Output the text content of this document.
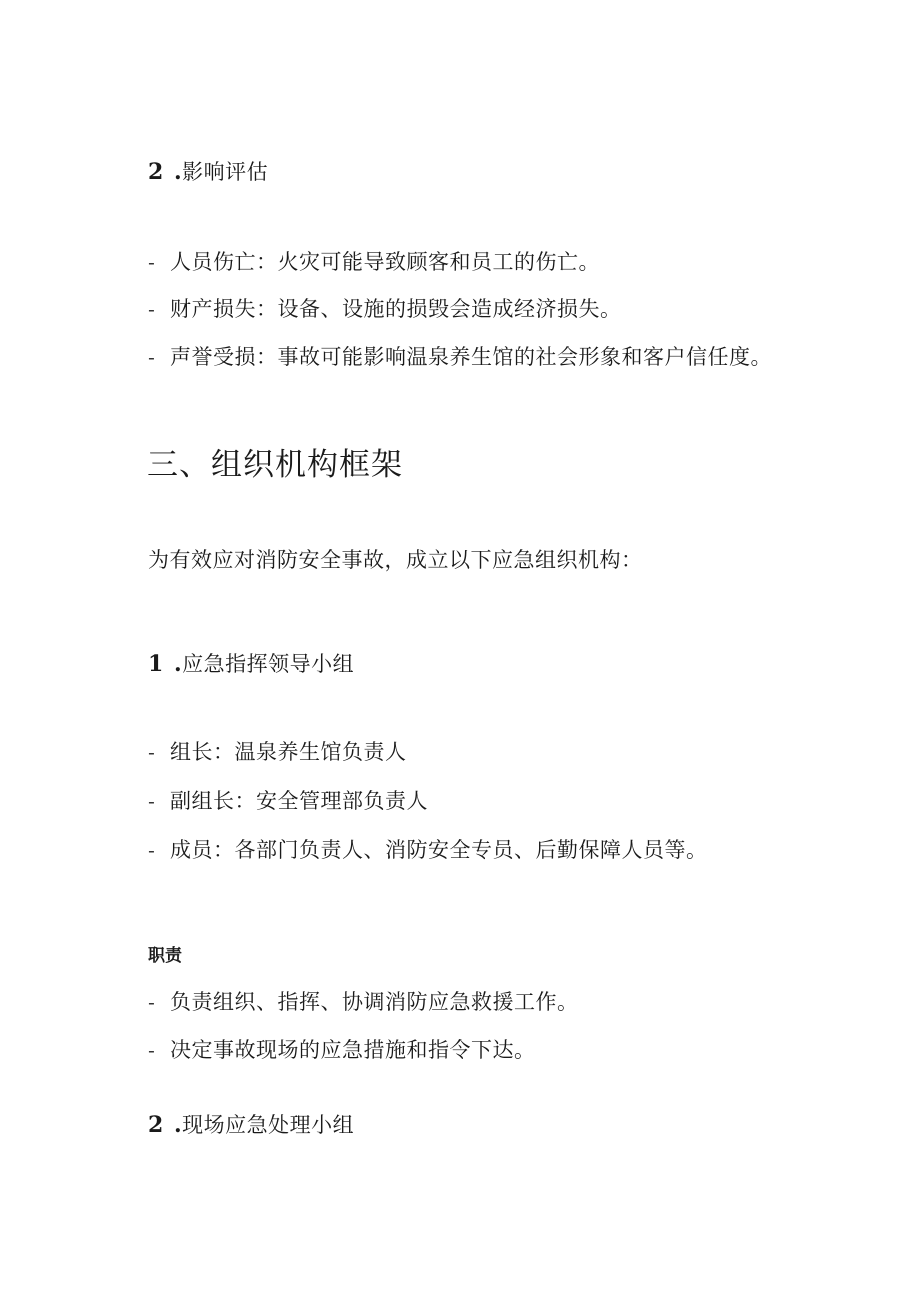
2 .影响评估
- 人员伤亡：火灾可能导致顾客和员工的伤亡。
- 财产损失：设备、设施的损毁会造成经济损失。
- 声誉受损：事故可能影响温泉养生馆的社会形象和客户信任度。
三、组织机构框架
为有效应对消防安全事故，成立以下应急组织机构：
1 .应急指挥领导小组
- 组长：温泉养生馆负责人
- 副组长：安全管理部负责人
- 成员：各部门负责人、消防安全专员、后勤保障人员等。
职责
- 负责组织、指挥、协调消防应急救援工作。
- 决定事故现场的应急措施和指令下达。
2 .现场应急处理小组
